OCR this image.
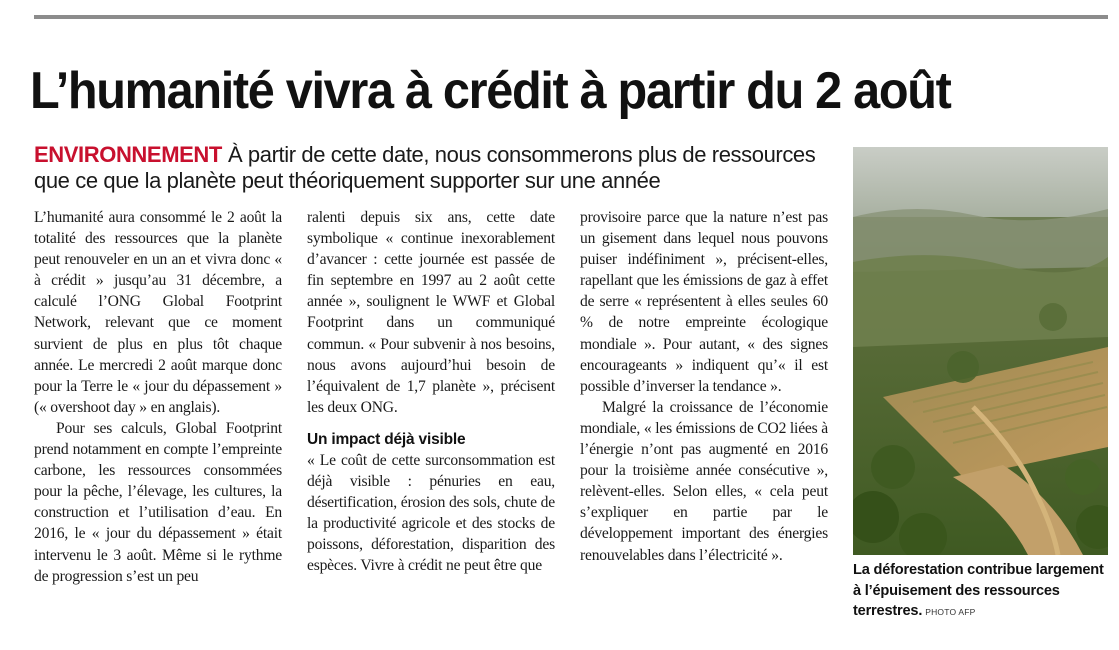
L’humanité vivra à crédit à partir du 2 août
ENVIRONNEMENT À partir de cette date, nous consommerons plus de ressources que ce que la planète peut théoriquement supporter sur une année

L’humanité aura consommé le 2 août la totalité des ressources que la planète peut renouveler en un an et vivra donc « à crédit » jusqu’au 31 décembre, a calculé l’ONG Global Footprint Network, relevant que ce moment survient de plus en plus tôt chaque année. Le mercredi 2 août marque donc pour la Terre le « jour du dépassement » (« overshoot day » en anglais).

Pour ses calculs, Global Footprint prend notamment en compte l’empreinte carbone, les ressources consommées pour la pêche, l’élevage, les cultures, la construction et l’utilisation d’eau. En 2016, le « jour du dépassement » était intervenu le 3 août. Même si le rythme de progression s’est un peu

ralenti depuis six ans, cette date symbolique « continue inexorablement d’avancer : cette journée est passée de fin septembre en 1997 au 2 août cette année », soulignent le WWF et Global Footprint dans un communiqué commun. « Pour subvenir à nos besoins, nous avons aujourd’hui besoin de l’équivalent de 1,7 planète », précisent les deux ONG.

Un impact déjà visible

« Le coût de cette surconsommation est déjà visible : pénuries en eau, désertification, érosion des sols, chute de la productivité agricole et des stocks de poissons, déforestation, disparition des espèces. Vivre à crédit ne peut être que

provisoire parce que la nature n’est pas un gisement dans lequel nous pouvons puiser indéfiniment », précisent-elles, rapellant que les émissions de gaz à effet de serre « représentent à elles seules 60 % de notre empreinte écologique mondiale ». Pour autant, « des signes encourageants » indiquent qu’« il est possible d’inverser la tendance ».

Malgré la croissance de l’économie mondiale, « les émissions de CO2 liées à l’énergie n’ont pas augmenté en 2016 pour la troisième année consécutive », relèvent-elles. Selon elles, « cela peut s’expliquer en partie par le développement important des énergies renouvelables dans l’électricité ».

La déforestation contribue largement à l’épuisement des ressources terrestres. PHOTO AFP
